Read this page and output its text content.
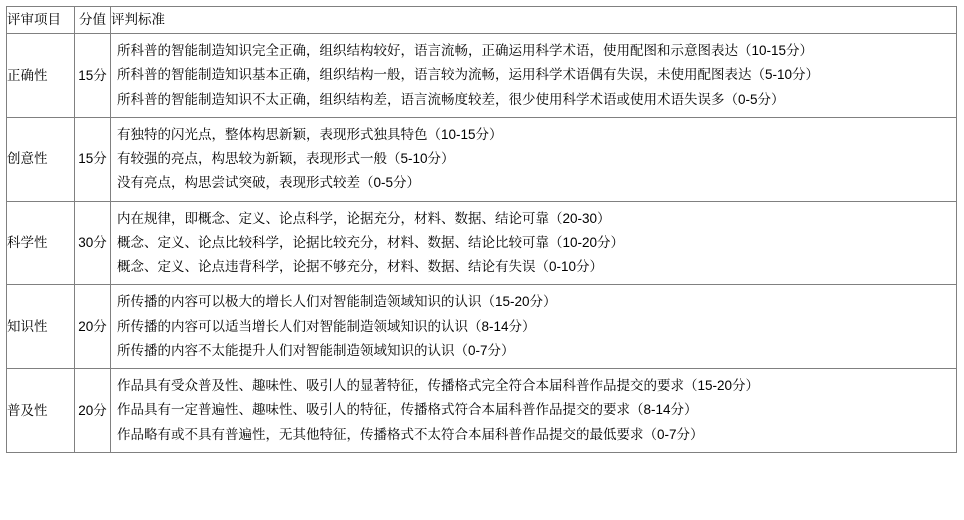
评审项目	分值	评判标准
正确性	15分	所科普的智能制造知识完全正确，组织结构较好，语言流畅，正确运用科学术语，使用配图和示意图表达（10-15分）
所科普的智能制造知识基本正确，组织结构一般，语言较为流畅，运用科学术语偶有失误，未使用配图表达（5-10分）
所科普的智能制造知识不太正确，组织结构差，语言流畅度较差，很少使用科学术语或使用术语失误多（0-5分）

创意性	15分	有独特的闪光点，整体构思新颖，表现形式独具特色（10-15分）
有较强的亮点，构思较为新颖，表现形式一般（5-10分）
没有亮点，构思尝试突破，表现形式较差（0-5分）

科学性	30分	内在规律，即概念、定义、论点科学，论据充分，材料、数据、结论可靠（20-30）
概念、定义、论点比较科学，论据比较充分，材料、数据、结论比较可靠（10-20分）
概念、定义、论点违背科学，论据不够充分，材料、数据、结论有失误（0-10分）

知识性	20分	所传播的内容可以极大的增长人们对智能制造领域知识的认识（15-20分）
所传播的内容可以适当增长人们对智能制造领域知识的认识（8-14分）
所传播的内容不太能提升人们对智能制造领域知识的认识（0-7分）

普及性	20分	作品具有受众普及性、趣味性、吸引人的显著特征，传播格式完全符合本届科普作品提交的要求（15-20分）
作品具有一定普遍性、趣味性、吸引人的特征，传播格式符合本届科普作品提交的要求（8-14分）
作品略有或不具有普遍性，无其他特征，传播格式不太符合本届科普作品提交的最低要求（0-7分）
